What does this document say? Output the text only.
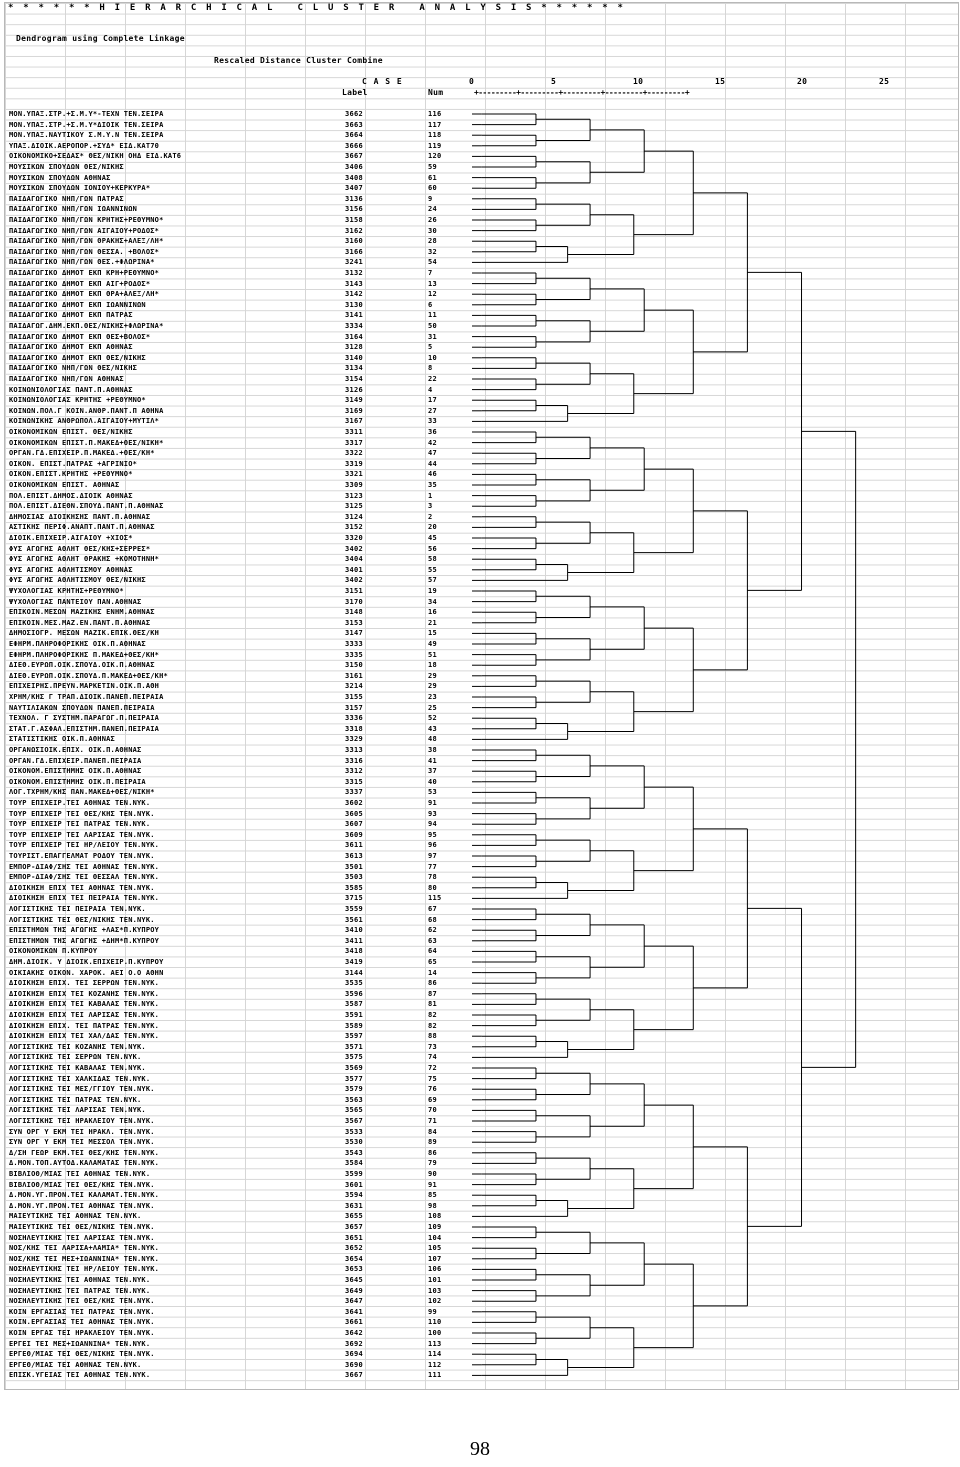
* * * * * * H I E R A R C H I C A L   C L U S T E R   A N A L Y S I S * * * * * *
Dendrogram using Complete Linkage
Rescaled Distance Cluster Combine
C A S E
Label	Num	+---------+---------+---------+---------+---------+
0	5	10	15	20	25
ΜΟΝ.ΥΠΑΞ.ΣΤΡ.+Σ.Μ.Υ*-ΤΕΧΝ ΤΕΝ.ΣΕΙΡΑ	3662	116
ΜΟΝ.ΥΠΑΞ.ΣΤΡ.+Σ.Μ.Υ*ΔΙΟΙΚ ΤΕΝ.ΣΕΙΡΑ	3663	117
ΜΟΝ.ΥΠΑΞ.ΝΑΥΤΙΚΟΥ Σ.Μ.Υ.Ν ΤΕΝ.ΣΕΙΡΑ	3664	118
ΥΠΑΞ.ΔΙΟΙΚ.ΑΕΡΟΠΟΡ.+ΣΥΔ* ΕΙΔ.ΚΑΤ70	3666	119
ΟΙΚΟΝΟΜΙΚΟ+ΣΕΔΑΣ* ΘΕΣ/ΝΙΚΗ ΟΗΔ ΕΙΔ.ΚΑΤ6	3667	120
ΜΟΥΣΙΚΩΝ ΣΠΟΥΔΩΝ ΘΕΣ/ΝΙΚΗΣ	3406	59
ΜΟΥΣΙΚΩΝ ΣΠΟΥΔΩΝ ΑΘΗΝΑΣ	3408	61
ΜΟΥΣΙΚΩΝ ΣΠΟΥΔΩΝ ΙΟΝΙΟΥ+ΚΕΡΚΥΡΑ*	3407	60
ΠΑΙΔΑΓΩΓΙΚΟ ΝΗΠ/ΓΩΝ ΠΑΤΡΑΣ	3136	9
ΠΑΙΔΑΓΩΓΙΚΟ ΝΗΠ/ΓΩΝ ΙΩΑΝΝΙΝΩΝ	3156	24
ΠΑΙΔΑΓΩΓΙΚΟ ΝΗΠ/ΓΩΝ ΚΡΗΤΗΣ+ΡΕΘΥΜΝΟ*	3158	26
ΠΑΙΔΑΓΩΓΙΚΟ ΝΗΠ/ΓΩΝ ΑΙΓΑΙΟΥ+ΡΟΔΟΣ*	3162	30
ΠΑΙΔΑΓΩΓΙΚΟ ΝΗΠ/ΓΩΝ ΘΡΑΚΗΣ+ΑΛΕΞ/ΛΗ*	3160	28
ΠΑΙΔΑΓΩΓΙΚΟ ΝΗΠ/ΓΩΝ ΘΕΣΣΑ. +ΒΟΛΟΣ*	3166	32
ΠΑΙΔΑΓΩΓΙΚΟ ΝΗΠ/ΓΩΝ ΘΕΣ.+ΦΛΩΡΙΝΑ*	3241	54
ΠΑΙΔΑΓΩΓΙΚΟ ΔΗΜΟΤ ΕΚΠ ΚΡΗ+ΡΕΘΥΜΝΟ*	3132	7
ΠΑΙΔΑΓΩΓΙΚΟ ΔΗΜΟΤ ΕΚΠ ΑΙΓ+ΡΟΔΟΣ*	3143	13
ΠΑΙΔΑΓΩΓΙΚΟ ΔΗΜΟΤ ΕΚΠ ΘΡΑ+ΑΛΕΞ/ΛΗ*	3142	12
ΠΑΙΔΑΓΩΓΙΚΟ ΔΗΜΟΤ ΕΚΠ ΙΩΑΝΝΙΝΩΝ	3130	6
ΠΑΙΔΑΓΩΓΙΚΟ ΔΗΜΟΤ ΕΚΠ ΠΑΤΡΑΣ	3141	11
ΠΑΙΔΑΓΩΓ.ΔΗΜ.ΕΚΠ.ΘΕΣ/ΝΙΚΗΣ+ΦΛΩΡΙΝΑ*	3334	50
ΠΑΙΔΑΓΩΓΙΚΟ ΔΗΜΟΤ ΕΚΠ ΘΕΣ+ΒΟΛΟΣ*	3164	31
ΠΑΙΔΑΓΩΓΙΚΟ ΔΗΜΟΤ ΕΚΠ ΑΘΗΝΑΣ	3128	5
ΠΑΙΔΑΓΩΓΙΚΟ ΔΗΜΟΤ ΕΚΠ ΘΕΣ/ΝΙΚΗΣ	3140	10
ΠΑΙΔΑΓΩΓΙΚΟ ΝΗΠ/ΓΩΝ ΘΕΣ/ΝΙΚΗΣ	3134	8
ΠΑΙΔΑΓΩΓΙΚΟ ΝΗΠ/ΓΩΝ ΑΘΗΝΑΣ	3154	22
ΚΟΙΝΩΝΙΟΛΟΓΙΑΣ ΠΑΝΤ.Π.ΑΘΗΝΑΣ	3126	4
ΚΟΙΝΩΝΙΟΛΟΓΙΑΣ ΚΡΗΤΗΣ +ΡΕΘΥΜΝΟ*	3149	17
ΚΟΙΝΩΝ.ΠΟΛ.Γ ΚΟΙΝ.ΑΝΘΡ.ΠΑΝΤ.Π ΑΘΗΝΑ	3169	27
ΚΟΙΝΩΝΙΚΗΣ ΑΝΘΡΩΠΟΛ.ΑΙΓΑΙΟΥ+ΜΥΤΙΛ*	3167	33
ΟΙΚΟΝΟΜΙΚΩΝ ΕΠΙΣΤ. ΘΕΣ/ΝΙΚΗΣ	3311	36
ΟΙΚΟΝΟΜΙΚΩΝ ΕΠΙΣΤ.Π.ΜΑΚΕΔ+ΘΕΣ/ΝΙΚΗ*	3317	42
ΟΡΓΑΝ.ΓΔ.ΕΠΙΧΕΙΡ.Π.ΜΑΚΕΔ.+ΘΕΣ/ΚΗ*	3322	47
ΟΙΚΟΝ. ΕΠΙΣΤ.ΠΑΤΡΑΣ +ΑΓΡΙΝΙΟ*	3319	44
ΟΙΚΟΝ.ΕΠΙΣΤ.ΚΡΗΤΗΣ +ΡΕΘΥΜΝΟ*	3321	46
ΟΙΚΟΝΟΜΙΚΩΝ ΕΠΙΣΤ. ΑΘΗΝΑΣ	3309	35
ΠΟΛ.ΕΠΙΣΤ.ΔΗΜΟΣ.ΔΙΟΙΚ ΑΘΗΝΑΣ	3123	1
ΠΟΛ.ΕΠΙΣΤ.ΔΙΕΘΝ.ΣΠΟΥΔ.ΠΑΝΤ.Π.ΑΘΗΝΑΣ	3125	3
ΔΗΜΟΣΙΑΣ ΔΙΟΙΚΗΣΗΣ ΠΑΝΤ.Π.ΑΘΗΝΑΣ	3124	2
ΑΣΤΙΚΗΣ ΠΕΡΙΦ.ΑΝΑΠΤ.ΠΑΝΤ.Π.ΑΘΗΝΑΣ	3152	20
ΔΙΟΙΚ.ΕΠΙΧΕΙΡ.ΑΙΓΑΙΟΥ +ΧΙΟΣ*	3320	45
ΦΥΣ ΑΓΩΓΗΣ ΑΘΛΗΤ ΘΕΣ/ΚΗΣ+ΣΕΡΡΕΣ*	3402	56
ΦΥΣ ΑΓΩΓΗΣ ΑΘΛΗΤ ΘΡΑΚΗΣ +ΚΟΜΟΤΗΝΗ*	3404	58
ΦΥΣ ΑΓΩΓΗΣ ΑΘΛΗΤΙΣΜΟΥ ΑΘΗΝΑΣ	3401	55
ΦΥΣ ΑΓΩΓΗΣ ΑΘΛΗΤΙΣΜΟΥ ΘΕΣ/ΝΙΚΗΣ	3402	57
ΨΥΧΟΛΟΓΙΑΣ ΚΡΗΤΗΣ+ΡΕΘΥΜΝΟ*	3151	19
ΨΥΧΟΛΟΓΙΑΣ ΠΑΝΤΕΙΟΥ ΠΑΝ.ΑΘΗΝΑΣ	3170	34
ΕΠΙΚΟΙΝ.ΜΕΣΩΝ ΜΑΖΙΚΗΣ ΕΝΗΜ.ΑΘΗΝΑΣ	3148	16
ΕΠΙΚΟΙΝ.ΜΕΣ.ΜΑΖ.ΕΝ.ΠΑΝΤ.Π.ΑΘΗΝΑΣ	3153	21
ΔΗΜΟΣΙΟΓΡ. ΜΕΣΩΝ ΜΑΖΙΚ.ΕΠΙΚ.ΘΕΣ/ΚΗ	3147	15
ΕΦΗΡΜ.ΠΛΗΡΟΦΟΡΙΚΗΣ ΟΙΚ.Π.ΑΘΗΝΑΣ	3333	49
ΕΦΗΡΜ.ΠΛΗΡΟΦΟΡΙΚΗΣ Π.ΜΑΚΕΔ+ΘΕΣ/ΚΗ*	3335	51
ΔΙΕΘ.ΕΥΡΩΠ.ΟΙΚ.ΣΠΟΥΔ.ΟΙΚ.Π.ΑΘΗΝΑΣ	3150	18
ΔΙΕΘ.ΕΥΡΩΠ.ΟΙΚ.ΣΠΟΥΔ.Π.ΜΑΚΕΔ+ΘΕΣ/ΚΗ*	3161	29
ΕΠΙΧΕΙΡΗΣ.ΠΡΕΥΝ.ΜΑΡΚΕΤΙΝ.ΟΙΚ.Π.ΑΘΗ	3214	29
ΧΡΗΜ/ΚΗΣ Γ ΤΡΑΠ.ΔΙΟΙΚ.ΠΑΝΕΠ.ΠΕΙΡΑΙΑ	3155	23
ΝΑΥΤΙΛΙΑΚΩΝ ΣΠΟΥΔΩΝ ΠΑΝΕΠ.ΠΕΙΡΑΙΑ	3157	25
ΤΕΧΝΟΛ. Γ ΣΥΣΤΗΜ.ΠΑΡΑΓΩΓ.Π.ΠΕΙΡΑΙΑ	3336	52
ΣΤΑΤ.Γ.ΑΣΦΑΛ.ΕΠΙΣΤΗΜ.ΠΑΝΕΠ.ΠΕΙΡΑΙΑ	3318	43
ΣΤΑΤΙΣΤΙΚΗΣ ΟΙΚ.Π.ΑΘΗΝΑΣ	3329	48
ΟΡΓΑΝΩΣΙΟΙΚ.ΕΠΙΧ. ΟΙΚ.Π.ΑΘΗΝΑΣ	3313	38
ΟΡΓΑΝ.ΓΔ.ΕΠΙΧΕΙΡ.ΠΑΝΕΠ.ΠΕΙΡΑΙΑ	3316	41
ΟΙΚΟΝΟΜ.ΕΠΙΣΤΗΜΗΣ ΟΙΚ.Π.ΑΘΗΝΑΣ	3312	37
ΟΙΚΟΝΟΜ.ΕΠΙΣΤΗΜΗΣ ΟΙΚ.Π.ΠΕΙΡΑΙΑ	3315	40
ΛΟΓ.ΤΧΡΗΜ/ΚΗΣ ΠΑΝ.ΜΑΚΕΔ+ΘΕΣ/ΝΙΚΗ*	3337	53
ΤΟΥΡ ΕΠΙΧΕΙΡ.ΤΕΙ ΑΘΗΝΑΣ ΤΕΝ.ΝΥΚ.	3602	91
ΤΟΥΡ ΕΠΙΧΕΙΡ ΤΕΙ ΘΕΣ/ΚΗΣ ΤΕΝ.ΝΥΚ.	3605	93
ΤΟΥΡ ΕΠΙΧΕΙΡ ΤΕΙ ΠΑΤΡΑΣ ΤΕΝ.ΝΥΚ.	3607	94
ΤΟΥΡ ΕΠΙΧΕΙΡ ΤΕΙ ΛΑΡΙΣΑΣ ΤΕΝ.ΝΥΚ.	3609	95
ΤΟΥΡ ΕΠΙΧΕΙΡ ΤΕΙ ΗΡ/ΛΕΙΟΥ ΤΕΝ.ΝΥΚ.	3611	96
ΤΟΥΡΙΣΤ.ΕΠΑΓΓΕΛΜΑΤ ΡΟΔΟΥ ΤΕΝ.ΝΥΚ.	3613	97
ΕΜΠΟΡ-ΔΙΑΦ/ΣΗΣ ΤΕΙ ΑΘΗΝΑΣ ΤΕΝ.ΝΥΚ.	3501	77
ΕΜΠΟΡ-ΔΙΑΦ/ΣΗΣ ΤΕΙ ΘΕΣΣΑΛ ΤΕΝ.ΝΥΚ.	3503	78
ΔΙΟΙΚΗΣΗ ΕΠΙΧ ΤΕΙ ΑΘΗΝΑΣ ΤΕΝ.ΝΥΚ.	3585	80
ΔΙΟΙΚΗΣΗ ΕΠΙΧ ΤΕΙ ΠΕΙΡΑΙΑ ΤΕΝ.ΝΥΚ.	3715	115
ΛΟΓΙΣΤΙΚΗΣ ΤΕΙ ΠΕΙΡΑΙΑ ΤΕΝ.ΝΥΚ.	3559	67
ΛΟΓΙΣΤΙΚΗΣ ΤΕΙ ΘΕΣ/ΝΙΚΗΣ ΤΕΝ.ΝΥΚ.	3561	68
ΕΠΙΣΤΗΜΩΝ ΤΗΣ ΑΓΩΓΗΣ +ΛΑΣ*Π.ΚΥΠΡΟΥ	3410	62
ΕΠΙΣΤΗΜΩΝ ΤΗΣ ΑΓΩΓΗΣ +ΔΗΜ*Π.ΚΥΠΡΟΥ	3411	63
ΟΙΚΟΝΟΜΙΚΩΝ Π.ΚΥΠΡΟΥ	3418	64
ΔΗΜ.ΔΙΟΙΚ. Υ ΔΙΟΙΚ.ΕΠΙΧΕΙΡ.Π.ΚΥΠΡΟΥ	3419	65
ΟΙΚΙΑΚΗΣ ΟΙΚΟΝ. ΧΑΡΟΚ. ΑΕΙ Ο.Ο ΑΘΗΝ	3144	14
ΔΙΟΙΚΗΣΗ ΕΠΙΧ. ΤΕΙ ΣΕΡΡΩΝ ΤΕΝ.ΝΥΚ.	3535	86
ΔΙΟΙΚΗΣΗ ΕΠΙΧ ΤΕΙ ΚΟΖΑΝΗΣ ΤΕΝ.ΝΥΚ.	3596	87
ΔΙΟΙΚΗΣΗ ΕΠΙΧ ΤΕΙ ΚΑΒΑΛΑΣ ΤΕΝ.ΝΥΚ.	3587	81
ΔΙΟΙΚΗΣΗ ΕΠΙΧ ΤΕΙ ΛΑΡΙΣΑΣ ΤΕΝ.ΝΥΚ.	3591	82
ΔΙΟΙΚΗΣΗ ΕΠΙΧ. ΤΕΙ ΠΑΤΡΑΣ ΤΕΝ.ΝΥΚ.	3589	82
ΔΙΟΙΚΗΣΗ ΕΠΙΧ ΤΕΙ ΧΑΛ/ΔΑΣ ΤΕΝ.ΝΥΚ.	3597	88
ΛΟΓΙΣΤΙΚΗΣ ΤΕΙ ΚΟΖΑΝΗΣ ΤΕΝ.ΝΥΚ.	3571	73
ΛΟΓΙΣΤΙΚΗΣ ΤΕΙ ΣΕΡΡΩΝ ΤΕΝ.ΝΥΚ.	3575	74
ΛΟΓΙΣΤΙΚΗΣ ΤΕΙ ΚΑΒΑΛΑΣ ΤΕΝ.ΝΥΚ.	3569	72
ΛΟΓΙΣΤΙΚΗΣ ΤΕΙ ΧΑΛΚΙΔΑΣ ΤΕΝ.ΝΥΚ.	3577	75
ΛΟΓΙΣΤΙΚΗΣ ΤΕΙ ΜΕΣ/ΓΓΙΟΥ ΤΕΝ.ΝΥΚ.	3579	76
ΛΟΓΙΣΤΙΚΗΣ ΤΕΙ ΠΑΤΡΑΣ ΤΕΝ.ΝΥΚ.	3563	69
ΛΟΓΙΣΤΙΚΗΣ ΤΕΙ ΛΑΡΙΣΑΣ ΤΕΝ.ΝΥΚ.	3565	70
ΛΟΓΙΣΤΙΚΗΣ ΤΕΙ ΗΡΑΚΛΕΙΟΥ ΤΕΝ.ΝΥΚ.	3567	71
ΣΥΝ ΟΡΓ Υ ΕΚΜ ΤΕΙ ΗΡΑΚΛ. ΤΕΝ.ΝΥΚ.	3533	84
ΣΥΝ ΟΡΓ Υ ΕΚΜ ΤΕΙ ΜΕΣΣΟΛ ΤΕΝ.ΝΥΚ.	3530	89
Δ/ΣΗ ΓΕΩΡ ΕΚΜ.ΤΕΙ ΘΕΣ/ΚΗΣ ΤΕΝ.ΝΥΚ.	3543	86
Δ.ΜΟΝ.ΤΟΠ.ΑΥΤΟΔ.ΚΑΛΑΜΑΤΑΣ ΤΕΝ.ΝΥΚ.	3584	79
ΒΙΒΛΙΟΘ/ΜΙΑΣ ΤΕΙ ΑΘΗΝΑΣ ΤΕΝ.ΝΥΚ.	3599	90
ΒΙΒΛΙΟΘ/ΜΙΑΣ ΤΕΙ ΘΕΣ/ΚΗΣ ΤΕΝ.ΝΥΚ.	3601	91
Δ.ΜΟΝ.ΥΓ.ΠΡΟΝ.ΤΕΙ ΚΑΛΑΜΑΤ.ΤΕΝ.ΝΥΚ.	3594	85
Δ.ΜΟΝ.ΥΓ.ΠΡΟΝ.ΤΕΙ ΑΘΗΝΑΣ ΤΕΝ.ΝΥΚ.	3631	98
ΜΑΙΕΥΤΙΚΗΣ ΤΕΙ ΑΘΗΝΑΣ ΤΕΝ.ΝΥΚ.	3655	108
ΜΑΙΕΥΤΙΚΗΣ ΤΕΙ ΘΕΣ/ΝΙΚΗΣ ΤΕΝ.ΝΥΚ.	3657	109
ΝΟΣΗΛΕΥΤΙΚΗΣ ΤΕΙ ΛΑΡΙΣΑΣ ΤΕΝ.ΝΥΚ.	3651	104
ΝΟΣ/ΚΗΣ ΤΕΙ ΛΑΡΙΣΑ+ΛΑΜΙΑ* ΤΕΝ.ΝΥΚ.	3652	105
ΝΟΣ/ΚΗΣ ΤΕΙ ΜΕΣ+ΙΩΑΝΝΙΝΑ* ΤΕΝ.ΝΥΚ.	3654	107
ΝΟΣΗΛΕΥΤΙΚΗΣ ΤΕΙ ΗΡ/ΛΕΙΟΥ ΤΕΝ.ΝΥΚ.	3653	106
ΝΟΣΗΛΕΥΤΙΚΗΣ ΤΕΙ ΑΘΗΝΑΣ ΤΕΝ.ΝΥΚ.	3645	101
ΝΟΣΗΛΕΥΤΙΚΗΣ ΤΕΙ ΠΑΤΡΑΣ ΤΕΝ.ΝΥΚ.	3649	103
ΝΟΣΗΛΕΥΤΙΚΗΣ ΤΕΙ ΘΕΣ/ΚΗΣ ΤΕΝ.ΝΥΚ.	3647	102
ΚΟΙΝ ΕΡΓΑΣΙΑΣ ΤΕΙ ΠΑΤΡΑΣ ΤΕΝ.ΝΥΚ.	3641	99
ΚΟΙΝ.ΕΡΓΑΣΙΑΣ ΤΕΙ ΑΘΗΝΑΣ ΤΕΝ.ΝΥΚ.	3661	110
ΚΟΙΝ ΕΡΓΑΣ ΤΕΙ ΗΡΑΚΛΕΙΟΥ ΤΕΝ.ΝΥΚ.	3642	100
ΕΡΓΕΙ ΤΕΙ ΜΕΣ+ΙΩΑΝΝΙΝΑ* ΤΕΝ.ΝΥΚ.	3692	113
ΕΡΓΕΘ/ΜΙΑΣ ΤΕΙ ΘΕΣ/ΝΙΚΗΣ ΤΕΝ.ΝΥΚ.	3694	114
ΕΡΓΕΘ/ΜΙΑΣ ΤΕΙ ΑΘΗΝΑΣ ΤΕΝ.ΝΥΚ.	3690	112
ΕΠΙΣΚ.ΥΓΕΙΑΣ ΤΕΙ ΑΘΗΝΑΣ ΤΕΝ.ΝΥΚ.	3667	111
98
